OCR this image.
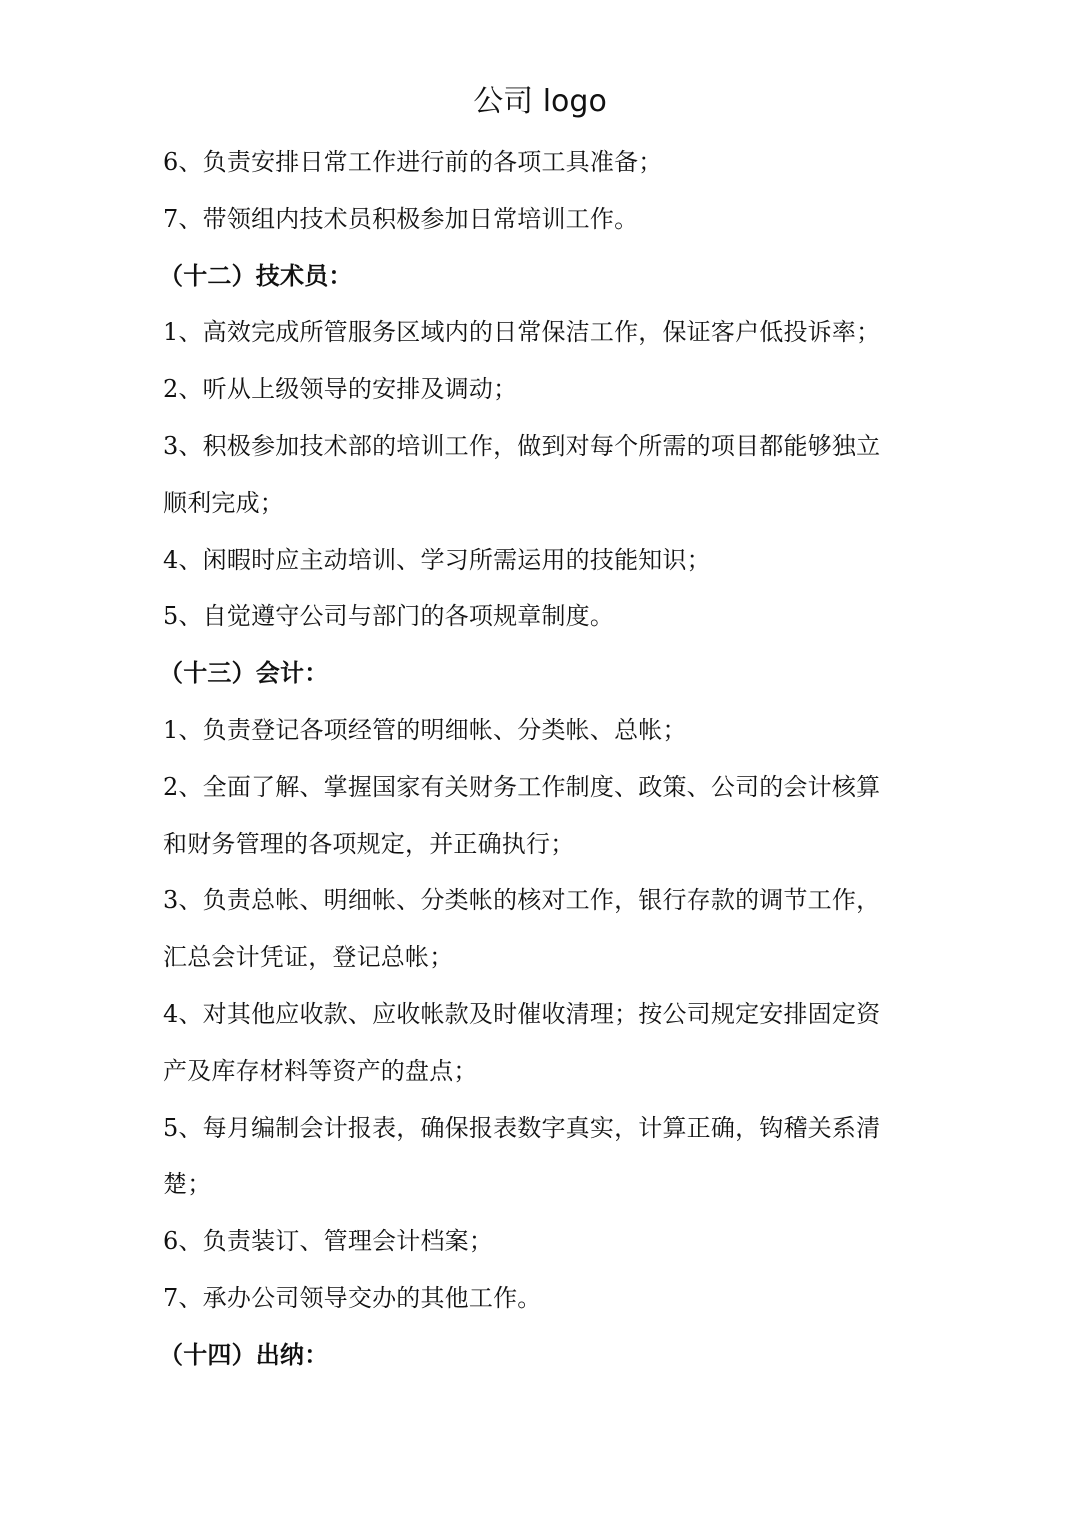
公司 logo
6、负责安排日常工作进行前的各项工具准备；
7、带领组内技术员积极参加日常培训工作。
（十二）技术员：
1、高效完成所管服务区域内的日常保洁工作，保证客户低投诉率；
2、听从上级领导的安排及调动；
3、积极参加技术部的培训工作，做到对每个所需的项目都能够独立
顺利完成；
4、闲暇时应主动培训、学习所需运用的技能知识；
5、自觉遵守公司与部门的各项规章制度。
（十三）会计：
1、负责登记各项经管的明细帐、分类帐、总帐；
2、全面了解、掌握国家有关财务工作制度、政策、公司的会计核算
和财务管理的各项规定，并正确执行；
3、负责总帐、明细帐、分类帐的核对工作，银行存款的调节工作，
汇总会计凭证，登记总帐；
4、对其他应收款、应收帐款及时催收清理；按公司规定安排固定资
产及库存材料等资产的盘点；
5、每月编制会计报表，确保报表数字真实，计算正确，钩稽关系清
楚；
6、负责装订、管理会计档案；
7、承办公司领导交办的其他工作。
（十四）出纳：
